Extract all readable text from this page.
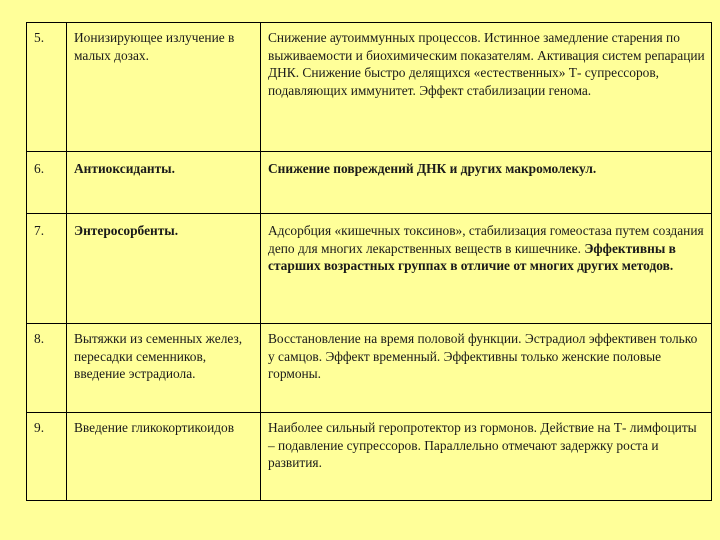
5.	Ионизирующее излучение в малых дозах.	Снижение аутоиммунных процессов. Истинное замедление старения по выживаемости и биохимическим показателям. Активация систем репарации ДНК. Снижение быстро делящихся «естественных» Т- супрессоров, подавляющих иммунитет. Эффект стабилизации генома.
6.	Антиоксиданты.	Снижение повреждений ДНК и других макромолекул.
7.	Энтеросорбенты.	Адсорбция «кишечных токсинов», стабилизация гомеостаза путем создания депо для многих лекарственных веществ в кишечнике. Эффективны в старших возрастных группах в отличие от многих других методов.
8.	Вытяжки из семенных желез, пересадки семенников, введение эстрадиола.	Восстановление на время половой функции. Эстрадиол эффективен только у самцов. Эффект временный. Эффективны только женские половые гормоны.
9.	Введение гликокортикоидов	Наиболее сильный геропротектор из гормонов. Действие на Т- лимфоциты – подавление супрессоров. Параллельно отмечают задержку роста и развития.
